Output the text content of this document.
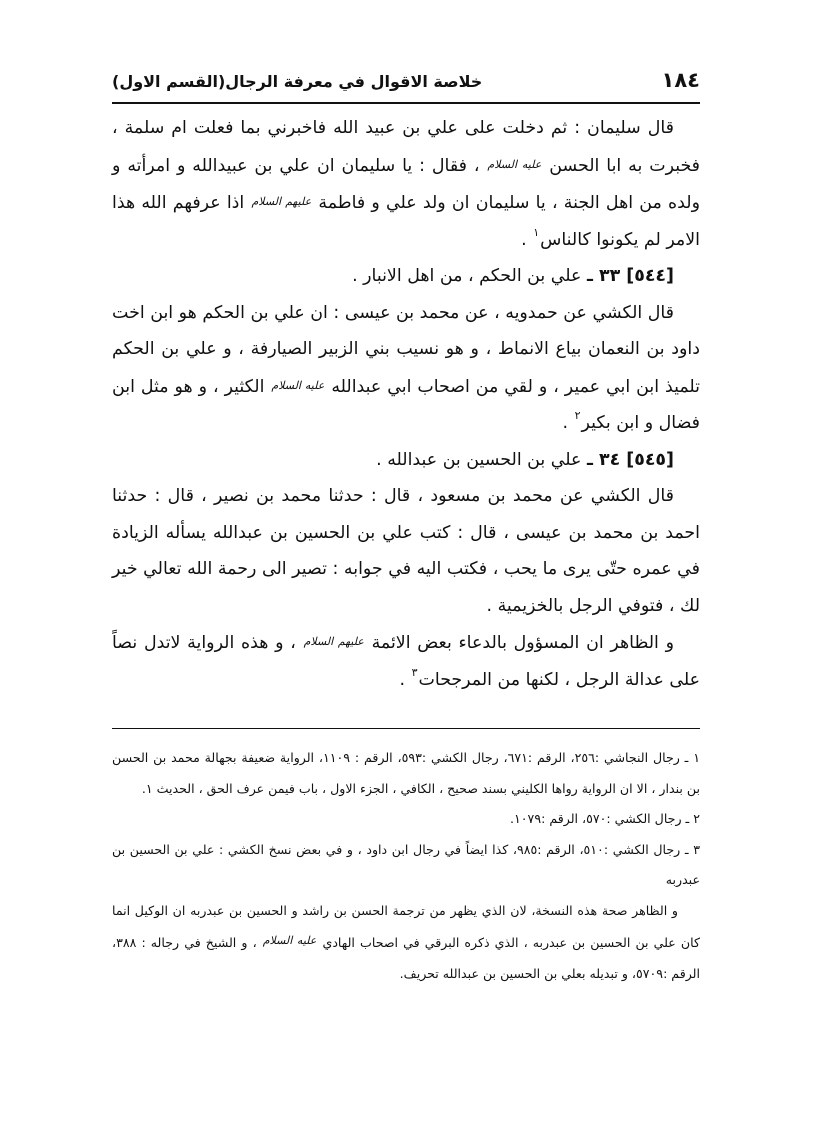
١٨٤
خلاصة الاقوال في معرفة الرجال(القسم الاول)

قال سليمان : ثم دخلت على علي بن عبيد الله فاخبرني بما فعلت ام سلمة ، فخبرت به ابا الحسن عليه السلام ، فقال : يا سليمان ان علي بن عبيدالله و امرأته و ولده من اهل الجنة ، يا سليمان ان ولد علي و فاطمة عليهم السلام اذا عرفهم الله هذا الامر لم يكونوا كالناس$^١$ .

[٥٤٤] ٣٣ ـ علي بن الحكم ، من اهل الانبار .

قال الكشي عن حمدويه ، عن محمد بن عيسى : ان علي بن الحكم هو ابن اخت داود بن النعمان بياع الانماط ، و هو نسيب بني الزبير الصيارفة ، و علي بن الحكم تلميذ ابن ابي عمير ، و لقي من اصحاب ابي عبدالله عليه السلام الكثير ، و هو مثل ابن فضال و ابن بكير$^٢$ .

[٥٤٥] ٣٤ ـ علي بن الحسين بن عبدالله .

قال الكشي عن محمد بن مسعود ، قال : حدثنا محمد بن نصير ، قال : حدثنا احمد بن محمد بن عيسى ، قال : كتب علي بن الحسين بن عبدالله يسأله الزيادة في عمره حتّى يرى ما يحب ، فكتب اليه في جوابه : تصير الى رحمة الله تعالي خير لك ، فتوفي الرجل بالخزيمية .

و الظاهر ان المسؤول بالدعاء بعض الائمة عليهم السلام ، و هذه الرواية لاتدل نصاً على عدالة الرجل ، لكنها من المرجحات$^٣$ .

١ ـ رجال النجاشي :٢٥٦، الرقم :٦٧١، رجال الكشي :٥٩٣، الرقم : ١١٠٩، الرواية ضعيفة بجهالة محمد بن الحسن بن بندار ، الا ان الرواية رواها الكليني بسند صحيح ، الكافي ، الجزء الاول ، باب فيمن عرف الحق ، الحديث ١.

٢ ـ رجال الكشي :٥٧٠، الرقم :١٠٧٩.

٣ ـ رجال الكشي :٥١٠، الرقم :٩٨٥، كذا ايضاً في رجال ابن داود ، و في بعض نسخ الكشي : علي بن الحسين بن عبدربه

و الظاهر صحة هذه النسخة، لان الذي يظهر من ترجمة الحسن بن راشد و الحسين بن عبدربه ان الوكيل انما كان علي بن الحسين بن عبدربه ، الذي ذكره البرقي في اصحاب الهادي عليه السلام ، و الشيخ في رجاله : ٣٨٨، الرقم :٥٧٠٩، و تبديله بعلي بن الحسين بن عبدالله تحريف.
